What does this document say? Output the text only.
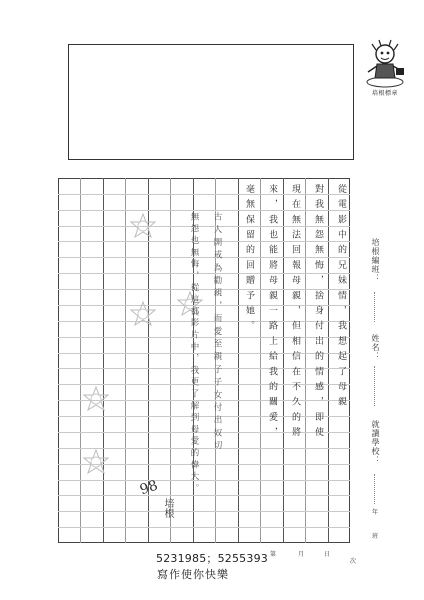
培根標章
從電影中的兄妹情，我想起了母親
對我無怨無悔，捨身付出的情感，即使
現在無法回報母親，但相信在不久的將
來，我也能將母親一路上給我的關愛，
毫無保留的回贈予她。
古人開戒為勸親，而愛至親子子女付出奴切
無怨也無悔，從這部影片中，我更了解到母愛的偉大。
98
培根
培根編班：
姓名：
就讀學校：
年
班
第	月	日
次
5231985；5255393
寫作使你快樂
